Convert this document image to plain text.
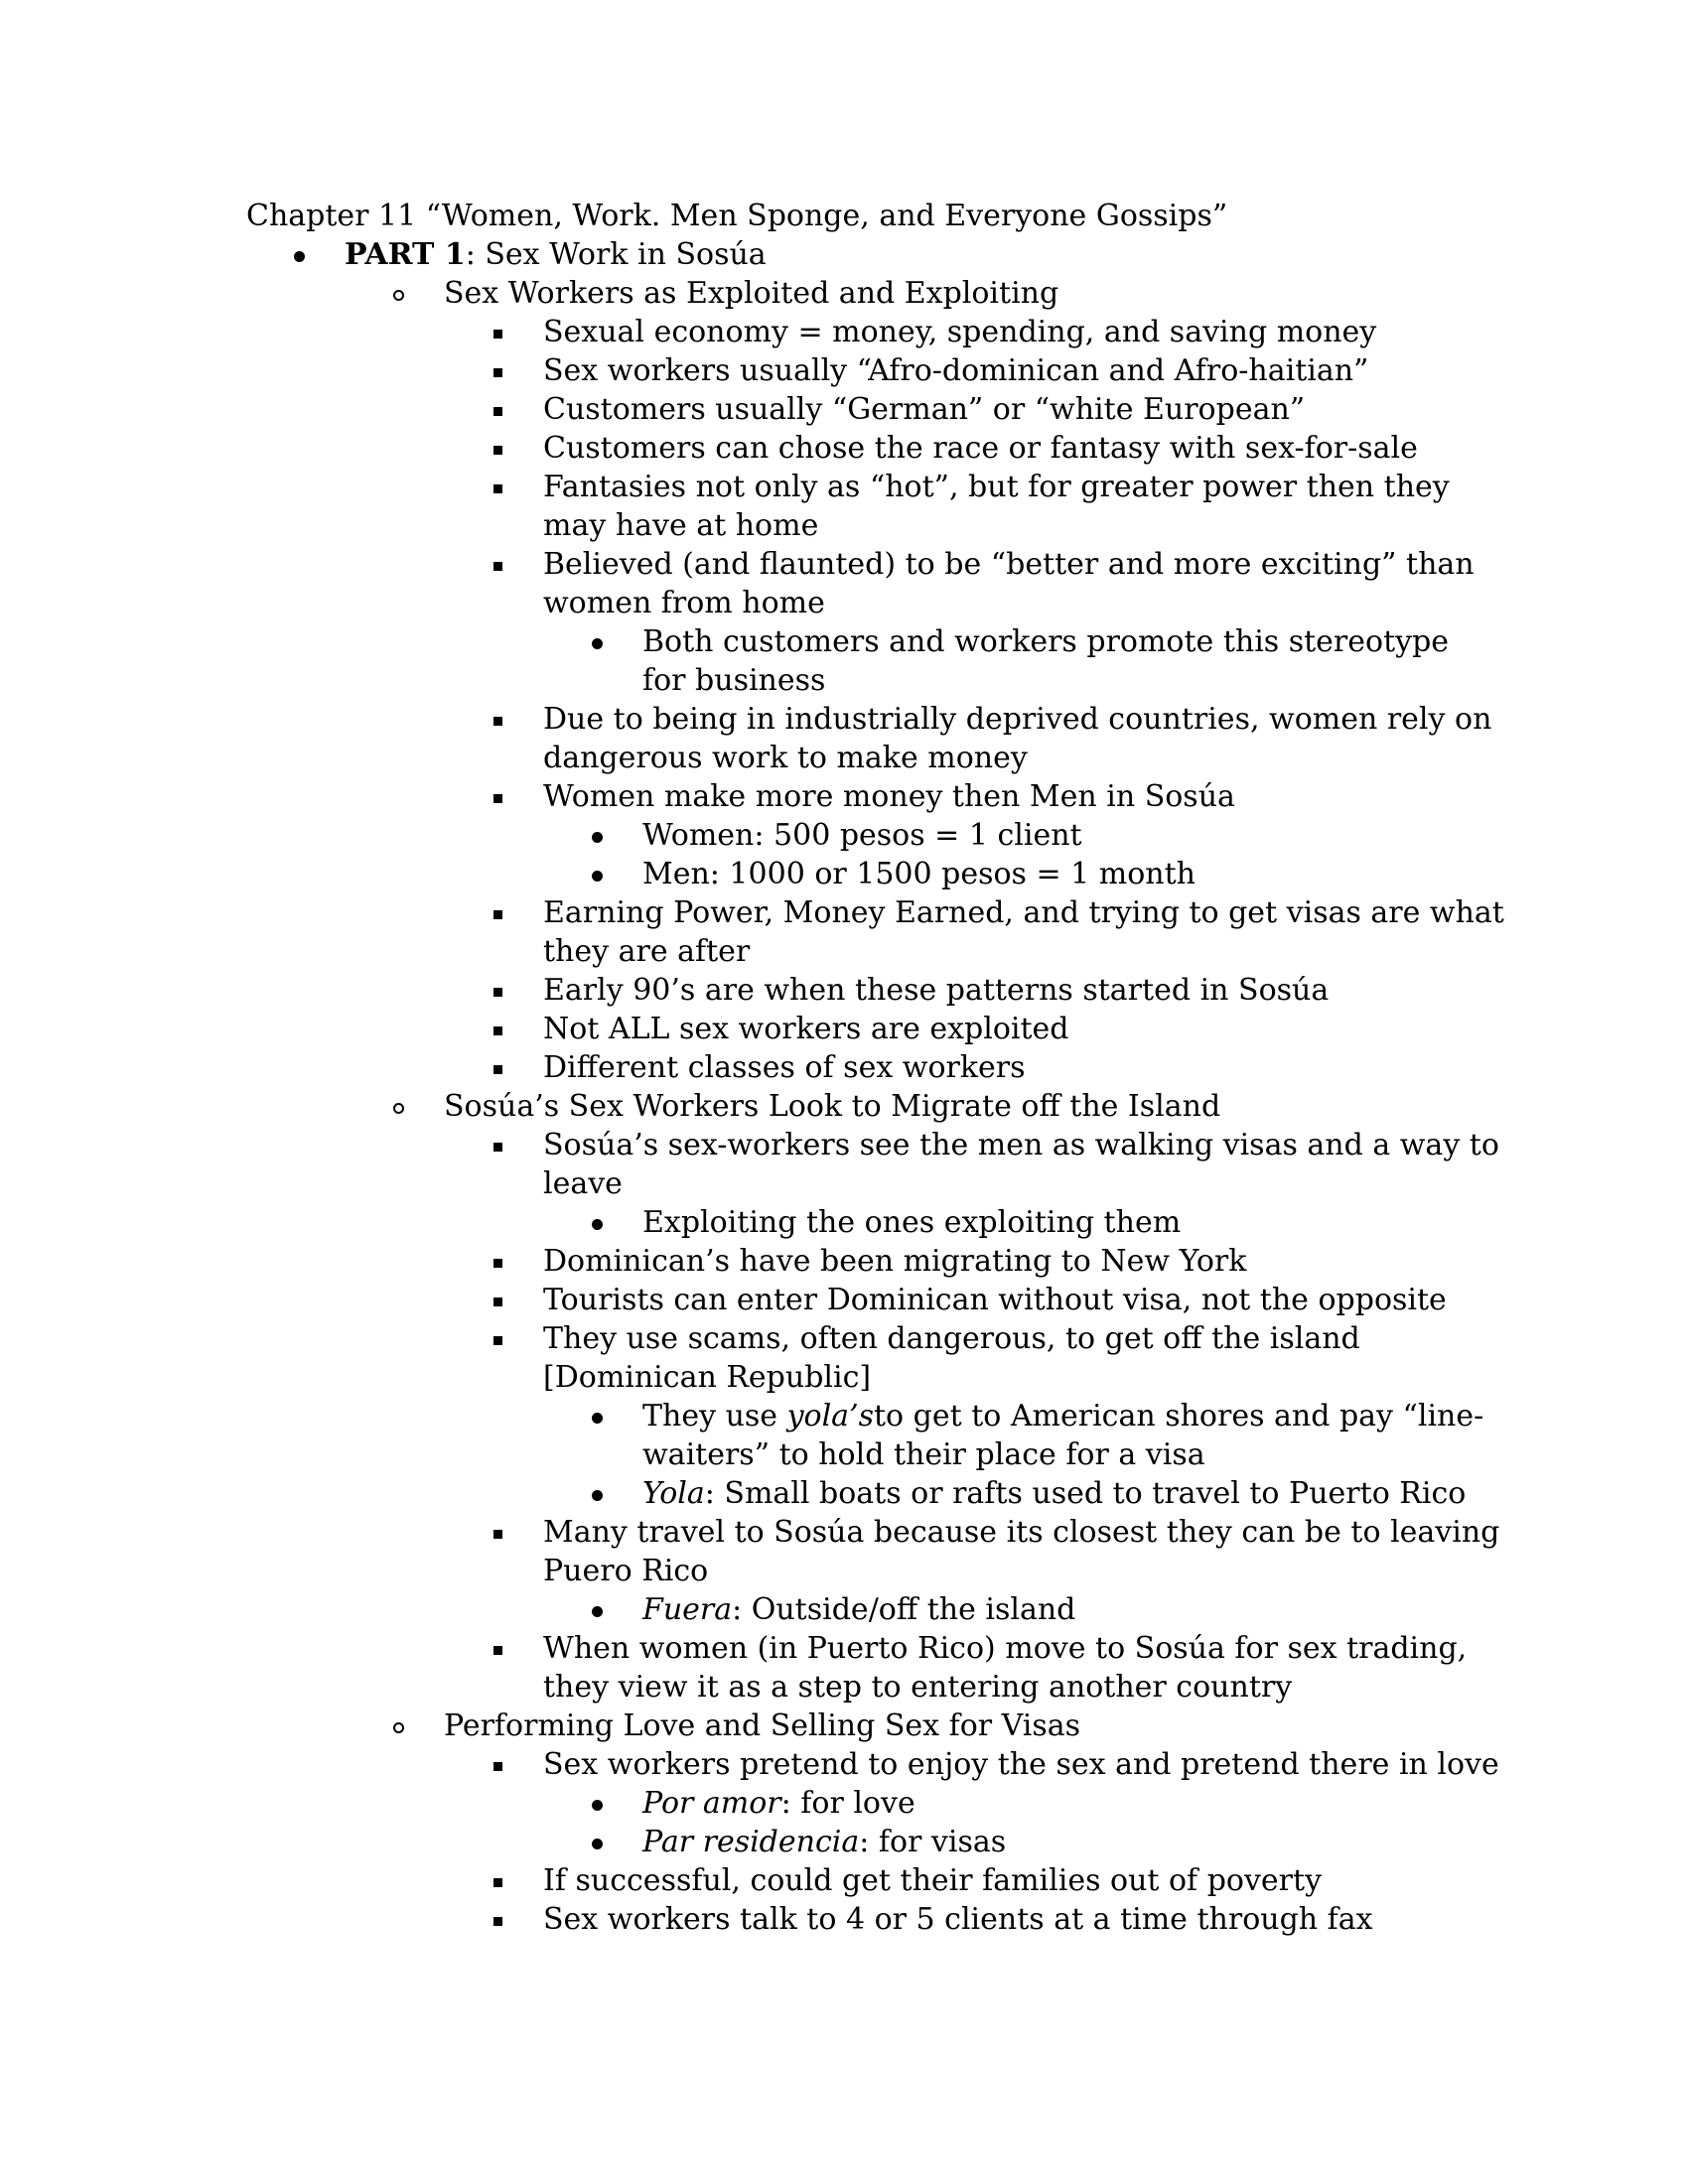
Chapter 11 “Women, Work. Men Sponge, and Everyone Gossips”
PART 1: Sex Work in Sosúa
Sex Workers as Exploited and Exploiting
Sexual economy = money, spending, and saving money
Sex workers usually “Afro-dominican and Afro-haitian”
Customers usually “German” or “white European”
Customers can chose the race or fantasy with sex-for-sale
Fantasies not only as “hot”, but for greater power then they
may have at home
Believed (and flaunted) to be “better and more exciting” than
women from home
Both customers and workers promote this stereotype
for business
Due to being in industrially deprived countries, women rely on
dangerous work to make money
Women make more money then Men in Sosúa
Women: 500 pesos = 1 client
Men: 1000 or 1500 pesos = 1 month
Earning Power, Money Earned, and trying to get visas are what
they are after
Early 90’s are when these patterns started in Sosúa
Not ALL sex workers are exploited
Different classes of sex workers
Sosúa’s Sex Workers Look to Migrate off the Island
Sosúa’s sex-workers see the men as walking visas and a way to
leave
Exploiting the ones exploiting them
Dominican’s have been migrating to New York
Tourists can enter Dominican without visa, not the opposite
They use scams, often dangerous, to get off the island
[Dominican Republic]
They use yola’sto get to American shores and pay “line-
waiters” to hold their place for a visa
Yola: Small boats or rafts used to travel to Puerto Rico
Many travel to Sosúa because its closest they can be to leaving
Puero Rico
Fuera: Outside/off the island
When women (in Puerto Rico) move to Sosúa for sex trading,
they view it as a step to entering another country
Performing Love and Selling Sex for Visas
Sex workers pretend to enjoy the sex and pretend there in love
Por amor: for love
Par residencia: for visas
If successful, could get their families out of poverty
Sex workers talk to 4 or 5 clients at a time through fax
